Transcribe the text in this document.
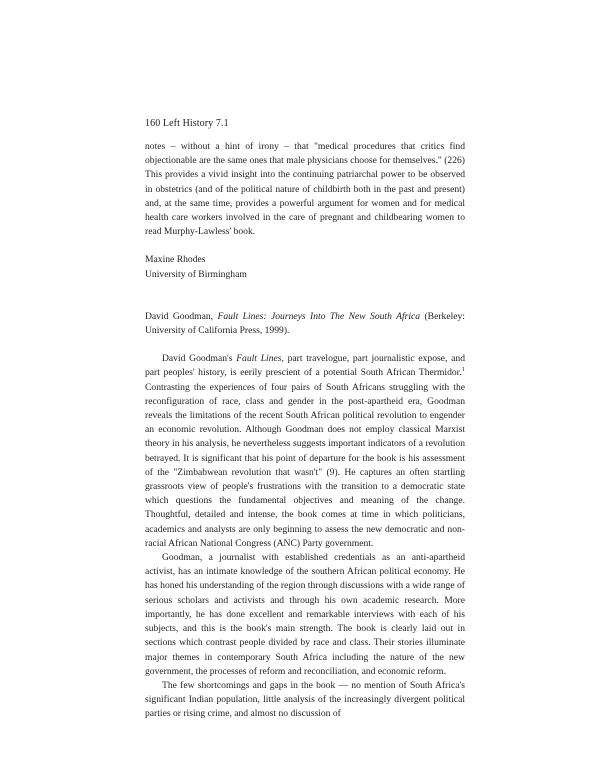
160 Left History 7.1

notes – without a hint of irony – that "medical procedures that critics find objectionable are the same ones that male physicians choose for themselves." (226) This provides a vivid insight into the continuing patriarchal power to be observed in obstetrics (and of the political nature of childbirth both in the past and present) and, at the same time, provides a powerful argument for women and for medical health care workers involved in the care of pregnant and childbearing women to read Murphy-Lawless' book.

Maxine Rhodes
University of Birmingham
David Goodman, Fault Lines: Journeys Into The New South Africa (Berkeley: University of California Press, 1999).

David Goodman's Fault Lines, part travelogue, part journalistic expose, and part peoples' history, is eerily prescient of a potential South African Thermidor.$^1$ Contrasting the experiences of four pairs of South Africans struggling with the reconfiguration of race, class and gender in the post-apartheid era, Goodman reveals the limitations of the recent South African political revolution to engender an economic revolution. Although Goodman does not employ classical Marxist theory in his analysis, he nevertheless suggests important indicators of a revolution betrayed. It is significant that his point of departure for the book is his assessment of the "Zimbabwean revolution that wasn't" (9). He captures an often startling grassroots view of people's frustrations with the transition to a democratic state which questions the fundamental objectives and meaning of the change. Thoughtful, detailed and intense, the book comes at time in which politicians, academics and analysts are only beginning to assess the new democratic and non-racial African National Congress (ANC) Party government.

Goodman, a journalist with established credentials as an anti-apartheid activist, has an intimate knowledge of the southern African political economy. He has honed his understanding of the region through discussions with a wide range of serious scholars and activists and through his own academic research. More importantly, he has done excellent and remarkable interviews with each of his subjects, and this is the book's main strength. The book is clearly laid out in sections which contrast people divided by race and class. Their stories illuminate major themes in contemporary South Africa including the nature of the new government, the processes of reform and reconciliation, and economic reform.

The few shortcomings and gaps in the book — no mention of South Africa's significant Indian population, little analysis of the increasingly divergent political parties or rising crime, and almost no discussion of
